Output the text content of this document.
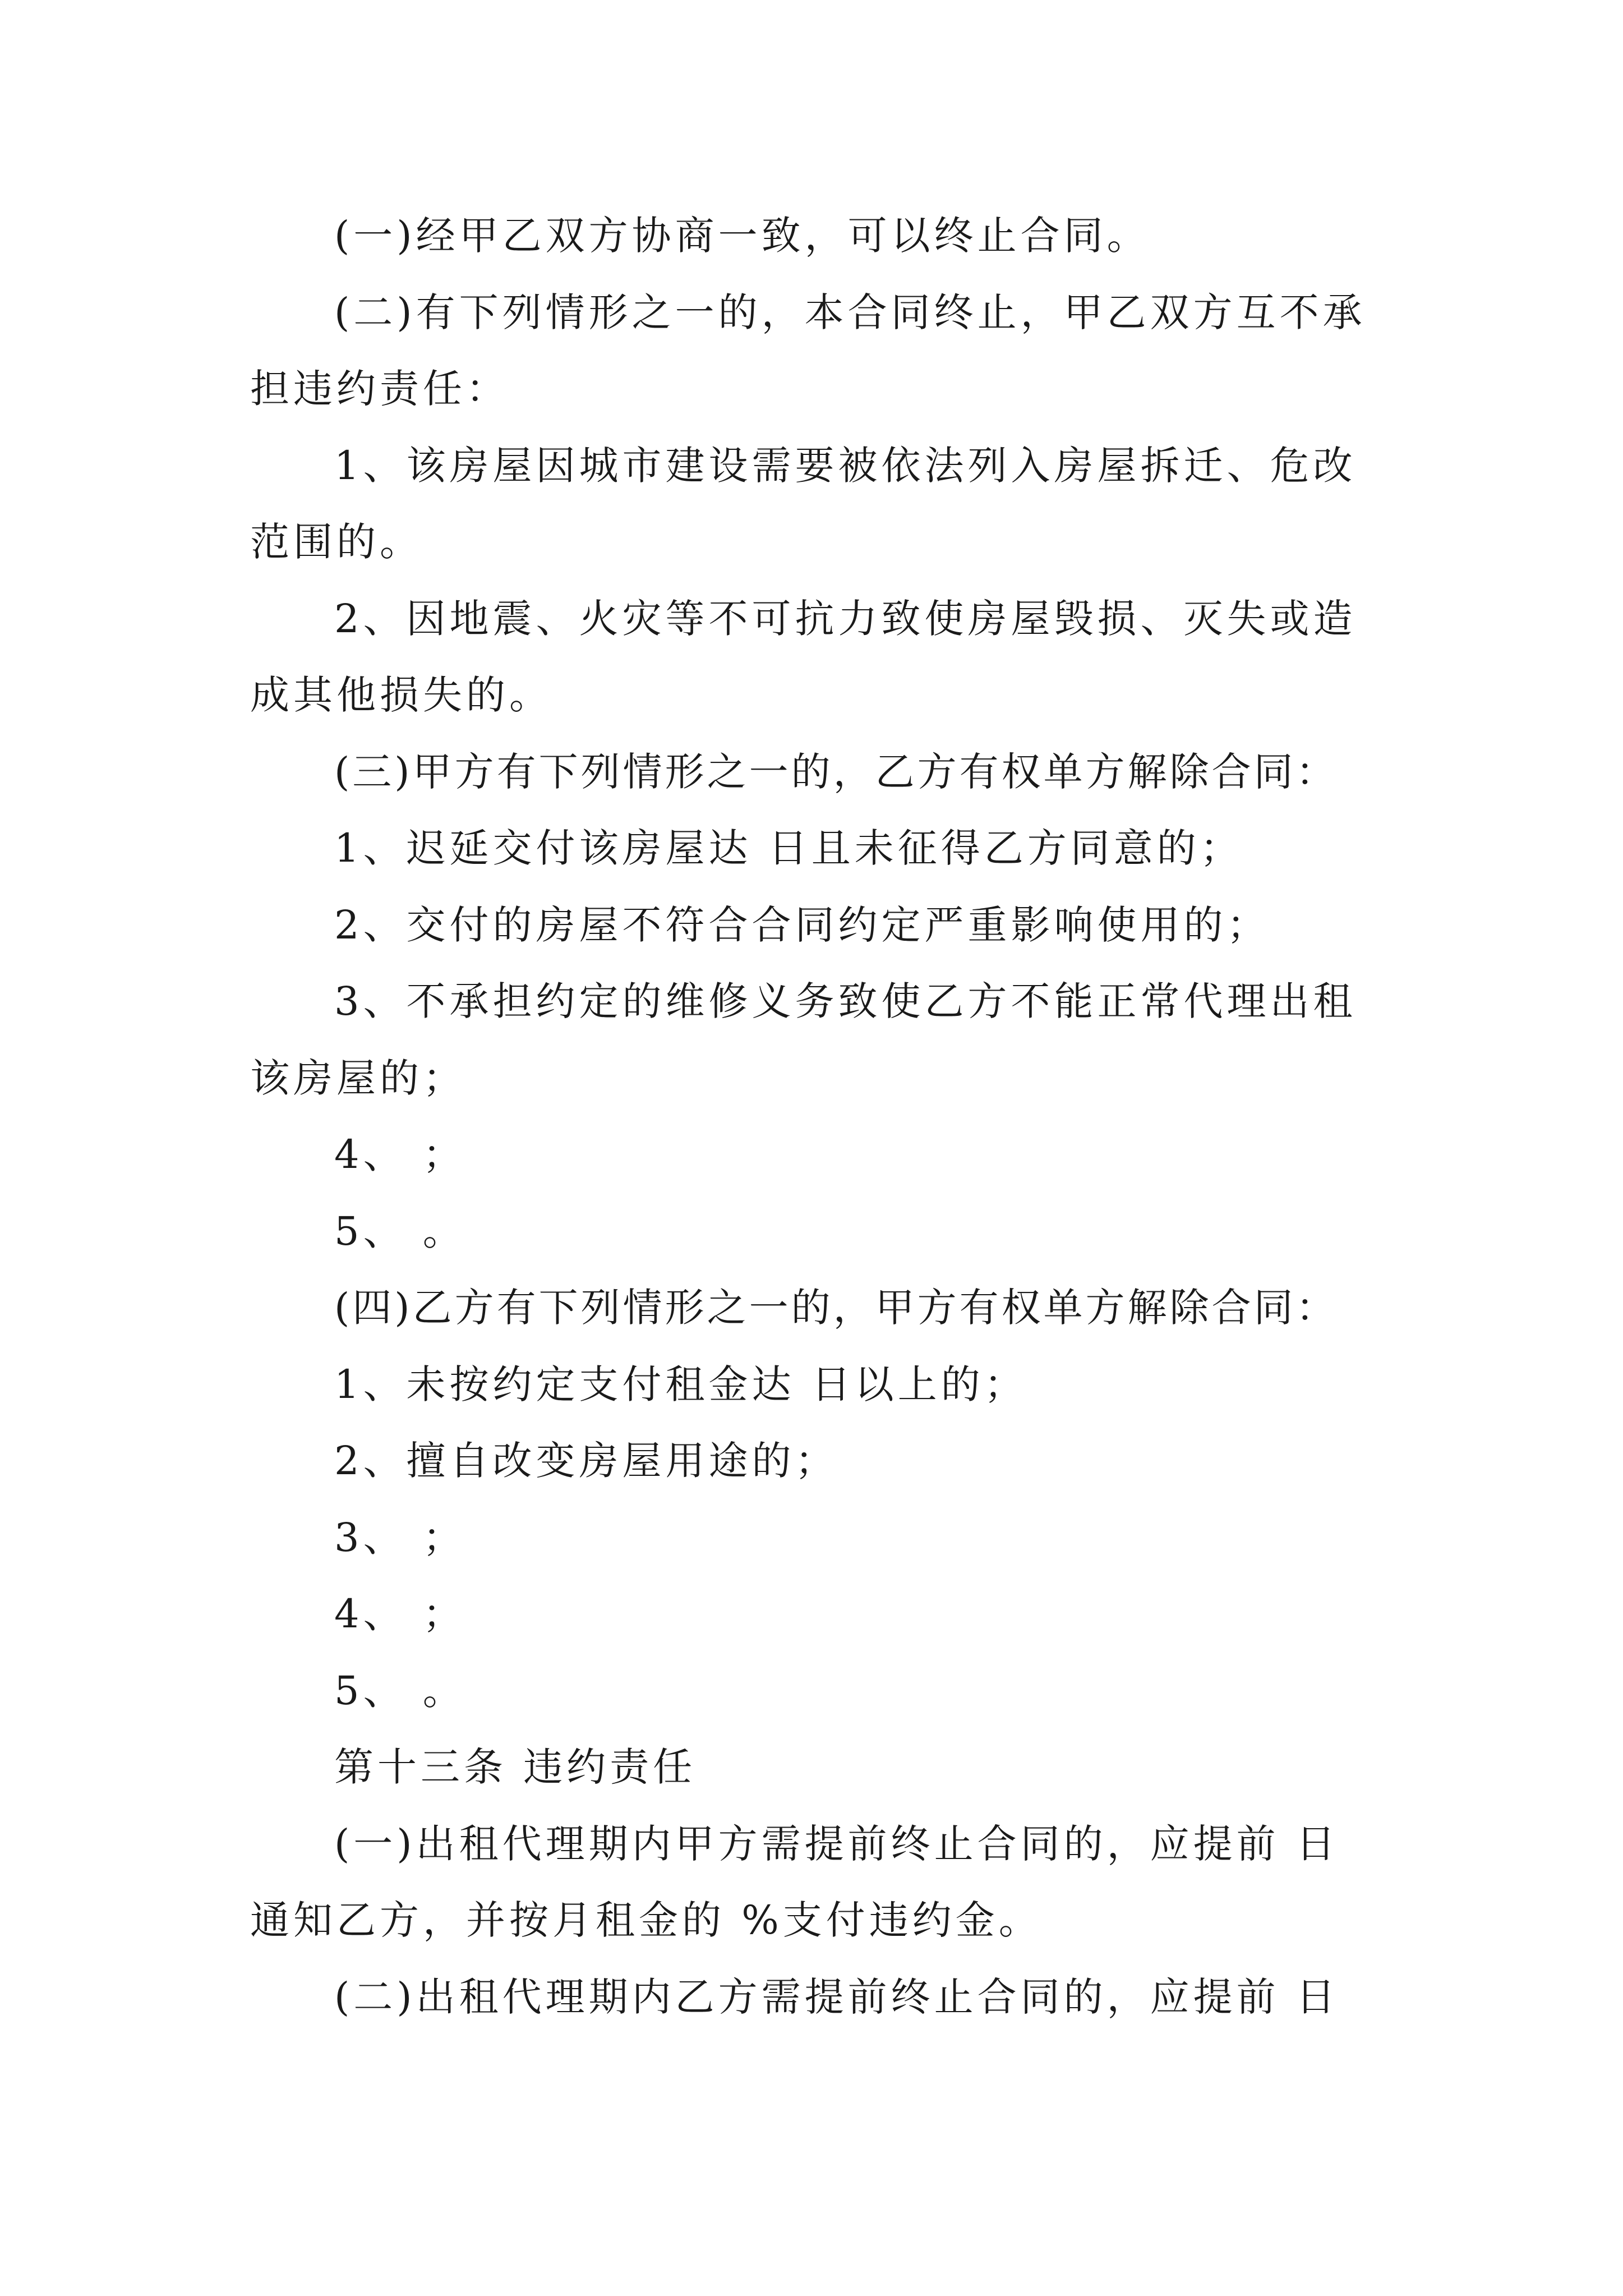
(一)经甲乙双方协商一致，可以终止合同。
(二)有下列情形之一的，本合同终止，甲乙双方互不承
担违约责任：
1、该房屋因城市建设需要被依法列入房屋拆迁、危改
范围的。
2、因地震、火灾等不可抗力致使房屋毁损、灭失或造
成其他损失的。
(三)甲方有下列情形之一的，乙方有权单方解除合同：
1、迟延交付该房屋达 日且未征得乙方同意的；
2、交付的房屋不符合合同约定严重影响使用的；
3、不承担约定的维修义务致使乙方不能正常代理出租
该房屋的；
4、 ；
5、 。
(四)乙方有下列情形之一的，甲方有权单方解除合同：
1、未按约定支付租金达 日以上的；
2、擅自改变房屋用途的；
3、 ；
4、 ；
5、 。
第十三条 违约责任
(一)出租代理期内甲方需提前终止合同的，应提前 日
通知乙方，并按月租金的 %支付违约金。
(二)出租代理期内乙方需提前终止合同的，应提前 日
